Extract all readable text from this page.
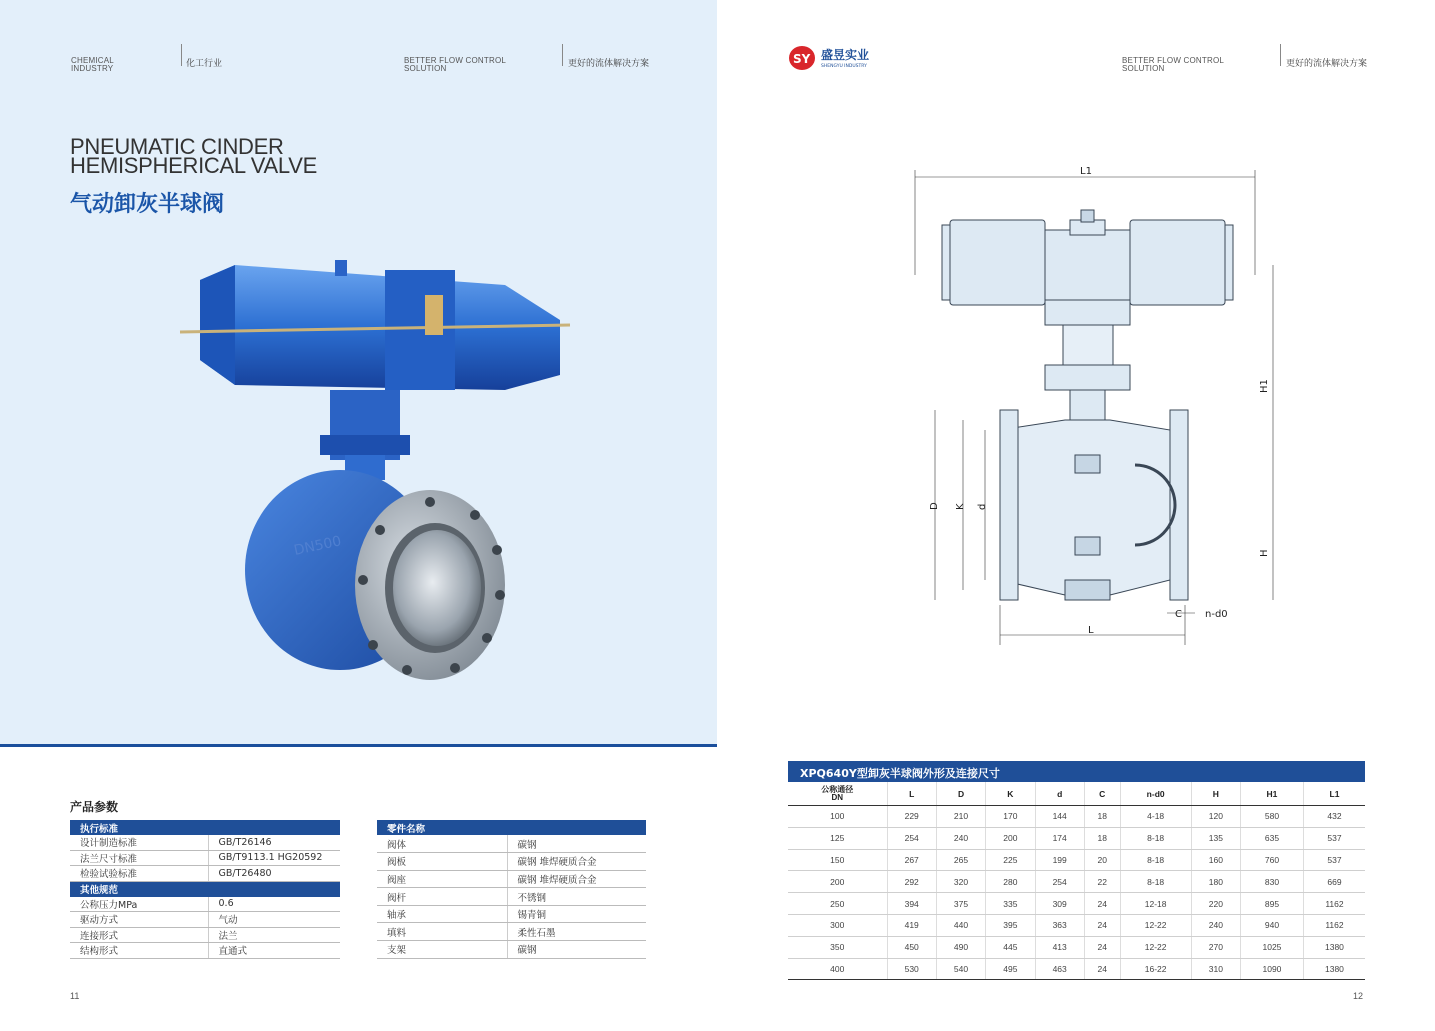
CHEMICAL
INDUSTRY	化工行业	BETTER FLOW CONTROL
SOLUTION	更好的流体解决方案
PNEUMATIC CINDER
HEMISPHERICAL VALVE
气动卸灰半球阀
DN500
产品参数
执行标准	
设计制造标准	GB/T26146
法兰尺寸标准	GB/T9113.1 HG20592
检验试验标准	GB/T26480
其他规范	
公称压力MPa	0.6
驱动方式	气动
连接形式	法兰
结构形式	直通式
零件名称	
阀体	碳钢
阀板	碳钢 堆焊硬质合金
阀座	碳钢 堆焊硬质合金
阀杆	不锈钢
轴承	锡青铜
填料	柔性石墨
支架	碳钢
11
SY 盛昱实业
SHENGYU INDUSTRY
BETTER FLOW CONTROL
SOLUTION	更好的流体解决方案
L1
H1
H
D K d
L
C n-d0
XPQ640Y型卸灰半球阀外形及连接尺寸
公称通径
DN	L	D	K	d	C	n-d0	H	H1	L1
100	229	210	170	144	18	4-18	120	580	432
125	254	240	200	174	18	8-18	135	635	537
150	267	265	225	199	20	8-18	160	760	537
200	292	320	280	254	22	8-18	180	830	669
250	394	375	335	309	24	12-18	220	895	1162
300	419	440	395	363	24	12-22	240	940	1162
350	450	490	445	413	24	12-22	270	1025	1380
400	530	540	495	463	24	16-22	310	1090	1380
12
